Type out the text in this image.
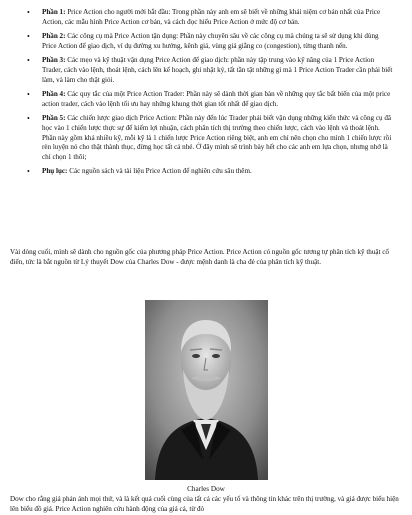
• Phần 1: Price Action cho người mới bắt đầu: Trong phần này anh em sẽ biết về những khái niệm cơ bản nhất của Price Action, các mẫu hình Price Action cơ bản, và cách đọc hiểu Price Action ở mức độ cơ bản.
• Phần 2: Các công cụ mà Price Action tận dụng: Phần này chuyên sâu về các công cụ mà chúng ta sẽ sử dụng khi dùng Price Action để giao dịch, ví dụ đường xu hướng, kênh giá, vùng giá giằng co (congestion), từng thanh nến.
• Phần 3: Các mẹo và kỹ thuật vận dụng Price Action để giao dịch: phần này tập trung vào kỹ năng của 1 Price Action Trader, cách vào lệnh, thoát lệnh, cách lên kế hoạch, ghi nhật ký, tất tần tật những gì mà 1 Price Action Trader cần phải biết làm, và làm cho thật giỏi.
• Phần 4: Các quy tắc của một Price Action Trader: Phần này sẽ dành thời gian bàn về những quy tắc bất biến của một price action trader, cách vào lệnh tối ưu hay những khung thời gian tốt nhất để giao dịch.
• Phần 5: Các chiến lược giao dịch Price Action: Phần này đến lúc Trader phải biết vận dụng những kiến thức và công cụ đã học vào 1 chiến lược thực sự để kiếm lợi nhuận, cách phân tích thị trường theo chiến lược, cách vào lệnh và thoát lệnh. Phần này gồm khá nhiều kỹ, mỗi kỹ là 1 chiến lược Price Action riêng biệt, anh em chỉ nên chọn cho mình 1 chiến lược rồi rèn luyện nó cho thật thành thục, đừng học tất cả nhé. Ở đây mình sẽ trình bày hết cho các anh em lựa chọn, nhưng nhớ là chỉ chọn 1 thôi;
• Phụ lục: Các nguồn sách và tài liệu Price Action để nghiên cứu sâu thêm.

Vài dòng cuối, mình sẽ dành cho nguồn gốc của phương pháp Price Action. Price Action có nguồn gốc tương tự phân tích kỹ thuật cổ điển, tức là bắt nguồn từ Lý thuyết Dow của Charles Dow - được mệnh danh là cha đẻ của phân tích kỹ thuật.

Charles Dow

Dow cho rằng giá phản ánh mọi thứ, và là kết quả cuối cùng của tất cả các yếu tố và thông tin khác trên thị trường, và giá được biểu hiện lên biểu đồ giá. Price Action nghiên cứu hành động của giá cả, từ đó
